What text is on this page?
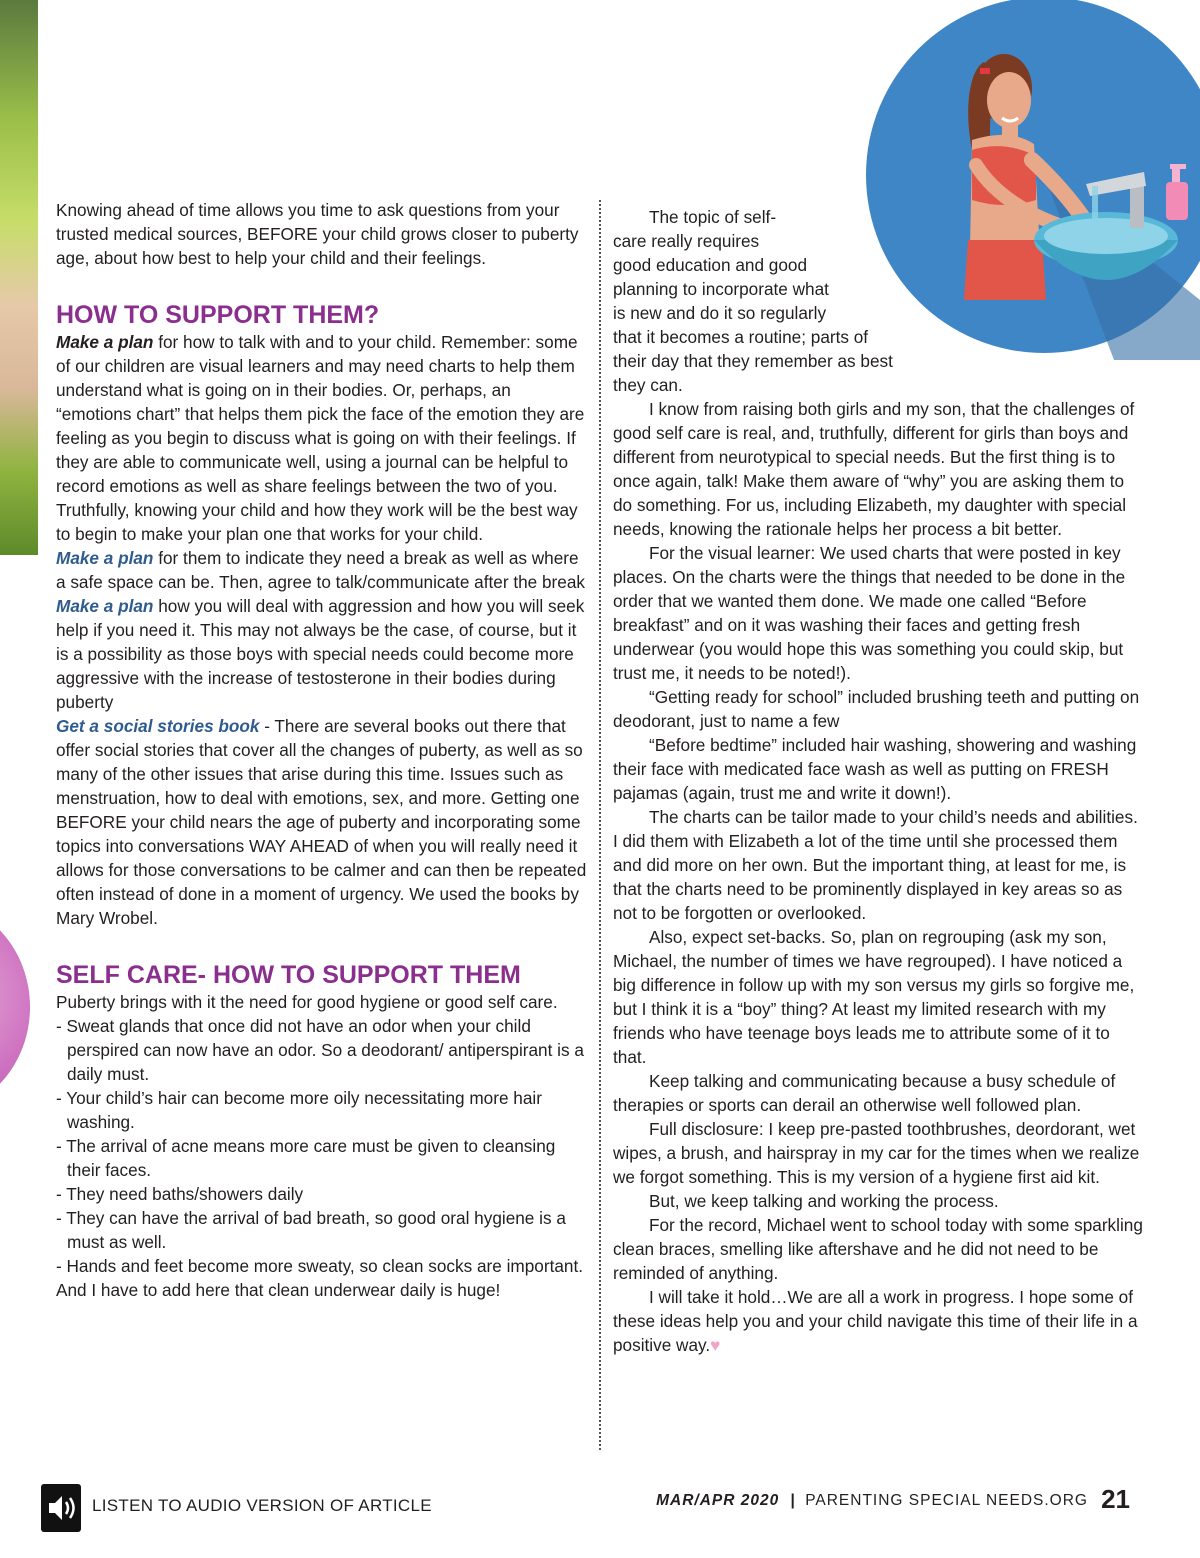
Knowing ahead of time allows you time to ask questions from your trusted medical sources, BEFORE your child grows closer to puberty age, about how best to help your child and their feelings.

HOW TO SUPPORT THEM?

Make a plan for how to talk with and to your child. Remember: some of our children are visual learners and may need charts to help them understand what is going on in their bodies. Or, perhaps, an “emotions chart” that helps them pick the face of the emotion they are feeling as you begin to discuss what is going on with their feelings. If they are able to communicate well, using a journal can be helpful to record emotions as well as share feelings between the two of you. Truthfully, knowing your child and how they work will be the best way to begin to make your plan one that works for your child.

Make a plan for them to indicate they need a break as well as where a safe space can be. Then, agree to talk/communicate after the break

Make a plan how you will deal with aggression and how you will seek help if you need it. This may not always be the case, of course, but it is a possibility as those boys with special needs could become more aggressive with the increase of testosterone in their bodies during puberty

Get a social stories book - There are several books out there that offer social stories that cover all the changes of puberty, as well as so many of the other issues that arise during this time. Issues such as menstruation, how to deal with emotions, sex, and more. Getting one BEFORE your child nears the age of puberty and incorporating some topics into conversations WAY AHEAD of when you will really need it allows for those conversations to be calmer and can then be repeated often instead of done in a moment of urgency. We used the books by Mary Wrobel.

SELF CARE- HOW TO SUPPORT THEM

Puberty brings with it the need for good hygiene or good self care.

- Sweat glands that once did not have an odor when your child perspired can now have an odor. So a deodorant/ antiperspirant is a daily must.

- Your child’s hair can become more oily necessitating more hair washing.

- The arrival of acne means more care must be given to cleansing their faces.

- They need baths/showers daily

- They can have the arrival of bad breath, so good oral hygiene is a must as well.

- Hands and feet become more sweaty, so clean socks are important.

And I have to add here that clean underwear daily is huge!

The topic of self-

care really requires

good education and good

planning to incorporate what

is new and do it so regularly

that it becomes a routine; parts of

their day that they remember as best

they can.

I know from raising both girls and my son, that the challenges of good self care is real, and, truthfully, different for girls than boys and different from neurotypical to special needs. But the first thing is to once again, talk! Make them aware of “why” you are asking them to do something. For us, including Elizabeth, my daughter with special needs, knowing the rationale helps her process a bit better.

For the visual learner: We used charts that were posted in key places. On the charts were the things that needed to be done in the order that we wanted them done. We made one called “Before breakfast” and on it was washing their faces and getting fresh underwear (you would hope this was something you could skip, but trust me, it needs to be noted!).

“Getting ready for school” included brushing teeth and putting on deodorant, just to name a few

“Before bedtime” included hair washing, showering and washing their face with medicated face wash as well as putting on FRESH pajamas (again, trust me and write it down!).

The charts can be tailor made to your child’s needs and abilities. I did them with Elizabeth a lot of the time until she processed them and did more on her own. But the important thing, at least for me, is that the charts need to be prominently displayed in key areas so as not to be forgotten or overlooked.

Also, expect set-backs. So, plan on regrouping (ask my son, Michael, the number of times we have regrouped). I have noticed a big difference in follow up with my son versus my girls so forgive me, but I think it is a “boy” thing? At least my limited research with my friends who have teenage boys leads me to attribute some of it to that.

Keep talking and communicating because a busy schedule of therapies or sports can derail an otherwise well followed plan.

Full disclosure: I keep pre-pasted toothbrushes, deordorant, wet wipes, a brush, and hairspray in my car for the times when we realize we forgot something. This is my version of a hygiene first aid kit.

But, we keep talking and working the process.

For the record, Michael went to school today with some sparkling clean braces, smelling like aftershave and he did not need to be reminded of anything.

I will take it hold…We are all a work in progress. I hope some of these ideas help you and your child navigate this time of their life in a positive way.♥

LISTEN TO AUDIO VERSION OF ARTICLE	MAR/APR 2020 | PARENTING SPECIAL NEEDS.ORG 21
